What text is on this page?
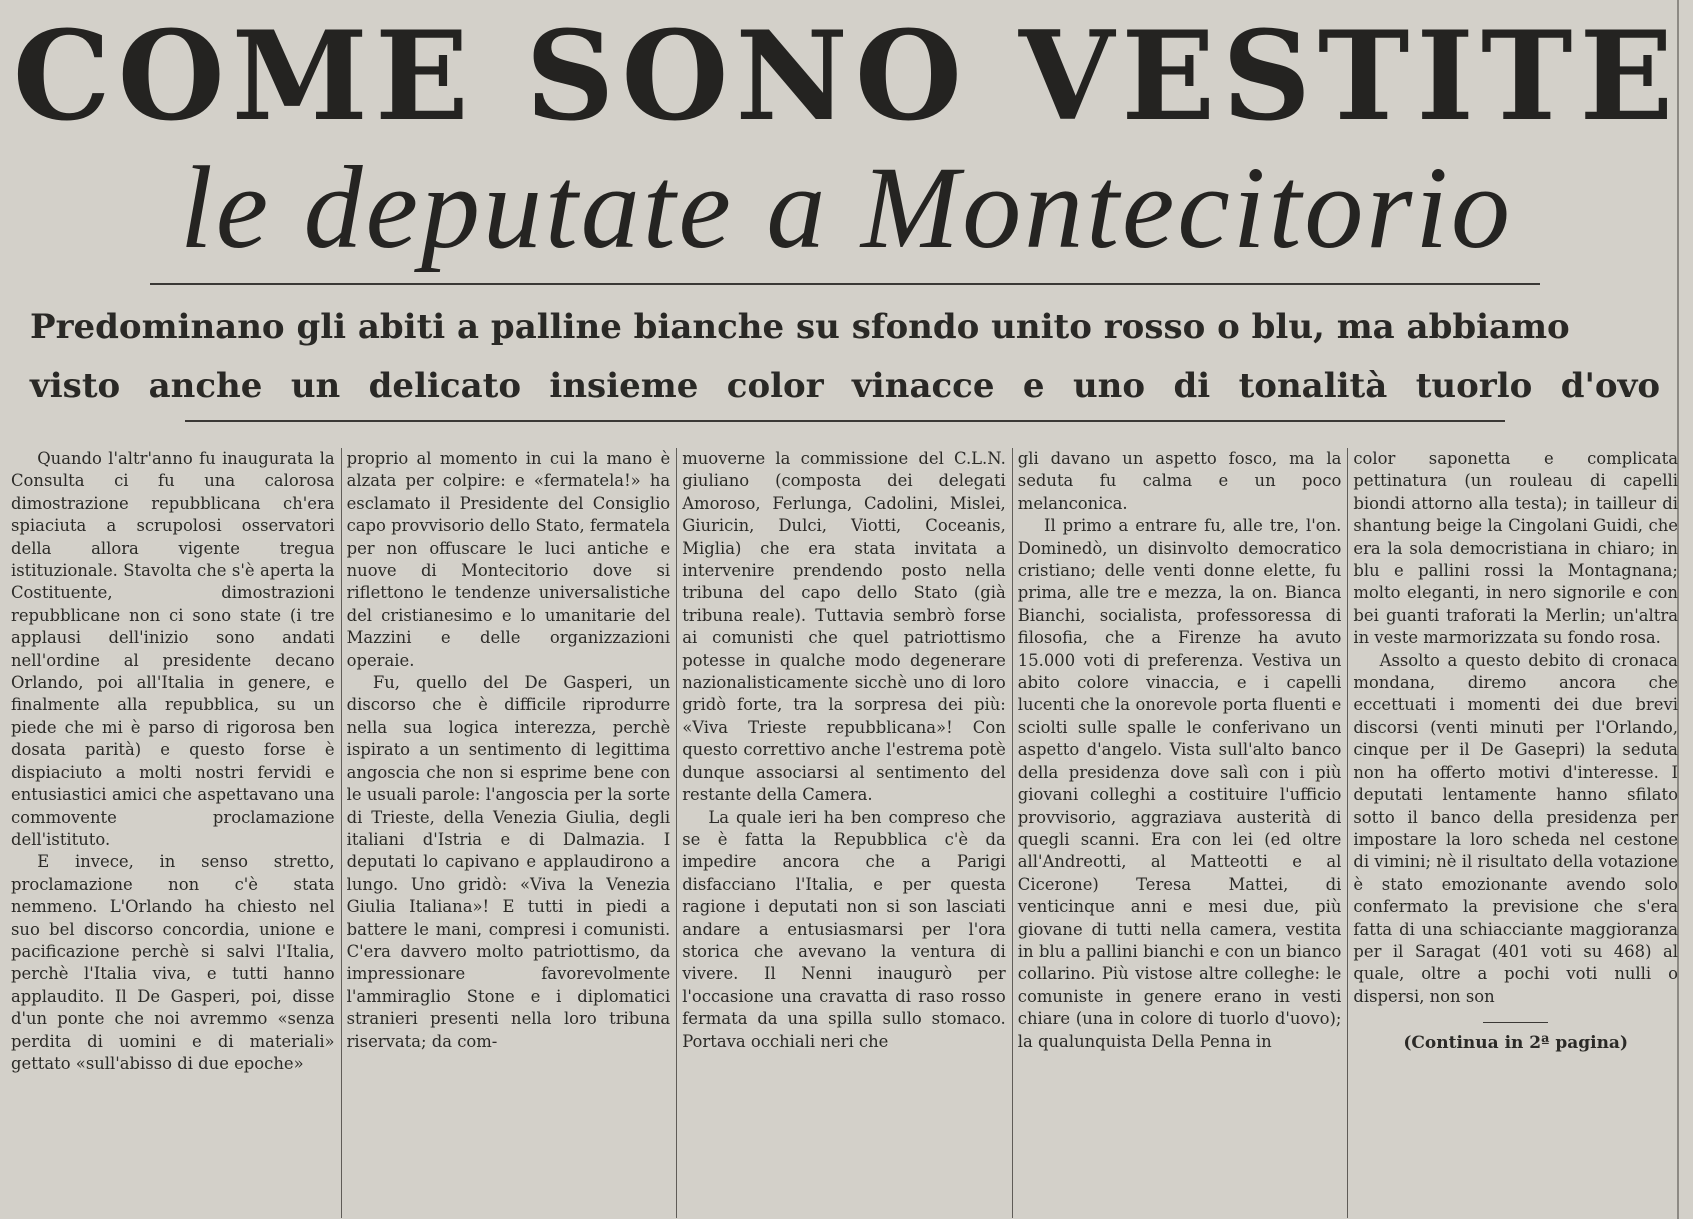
COME SONO VESTITE
le deputate a Montecitorio
Predominano gli abiti a palline bianche su sfondo unito rosso o blu, ma abbiamo
visto anche un delicato insieme color vinacce e uno di tonalità tuorlo d'ovo

Quando l'altr'anno fu inaugurata la Consulta ci fu una calorosa dimostrazione repubblicana ch'era spiaciuta a scrupolosi osservatori della allora vigente tregua istituzionale. Stavolta che s'è aperta la Costituente, dimostrazioni repubblicane non ci sono state (i tre applausi dell'inizio sono andati nell'ordine al presidente decano Orlando, poi all'Italia in genere, e finalmente alla repubblica, su un piede che mi è parso di rigorosa ben dosata parità) e questo forse è dispiaciuto a molti nostri fervidi e entusiastici amici che aspettavano una commovente proclamazione dell'istituto.

E invece, in senso stretto, proclamazione non c'è stata nemmeno. L'Orlando ha chiesto nel suo bel discorso concordia, unione e pacificazione perchè si salvi l'Italia, perchè l'Italia viva, e tutti hanno applaudito. Il De Gasperi, poi, disse d'un ponte che noi avremmo «senza perdita di uomini e di materiali» gettato «sull'abisso di due epoche»

proprio al momento in cui la mano è alzata per colpire: e «fermatela!» ha esclamato il Presidente del Consiglio capo provvisorio dello Stato, fermatela per non offuscare le luci antiche e nuove di Montecitorio dove si riflettono le tendenze universalistiche del cristianesimo e lo umanitarie del Mazzini e delle organizzazioni operaie.

Fu, quello del De Gasperi, un discorso che è difficile riprodurre nella sua logica interezza, perchè ispirato a un sentimento di legittima angoscia che non si esprime bene con le usuali parole: l'angoscia per la sorte di Trieste, della Venezia Giulia, degli italiani d'Istria e di Dalmazia. I deputati lo capivano e applaudirono a lungo. Uno gridò: «Viva la Venezia Giulia Italiana»! E tutti in piedi a battere le mani, compresi i comunisti. C'era davvero molto patriottismo, da impressionare favorevolmente l'ammiraglio Stone e i diplomatici stranieri presenti nella loro tribuna riservata; da com-

muoverne la commissione del C.L.N. giuliano (composta dei delegati Amoroso, Ferlunga, Cadolini, Mislei, Giuricin, Dulci, Viotti, Coceanis, Miglia) che era stata invitata a intervenire prendendo posto nella tribuna del capo dello Stato (già tribuna reale). Tuttavia sembrò forse ai comunisti che quel patriottismo potesse in qualche modo degenerare nazionalisticamente sicchè uno di loro gridò forte, tra la sorpresa dei più: «Viva Trieste repubblicana»! Con questo correttivo anche l'estrema potè dunque associarsi al sentimento del restante della Camera.

La quale ieri ha ben compreso che se è fatta la Repubblica c'è da impedire ancora che a Parigi disfacciano l'Italia, e per questa ragione i deputati non si son lasciati andare a entusiasmarsi per l'ora storica che avevano la ventura di vivere. Il Nenni inaugurò per l'occasione una cravatta di raso rosso fermata da una spilla sullo stomaco. Portava occhiali neri che

gli davano un aspetto fosco, ma la seduta fu calma e un poco melanconica.

Il primo a entrare fu, alle tre, l'on. Dominedò, un disinvolto democratico cristiano; delle venti donne elette, fu prima, alle tre e mezza, la on. Bianca Bianchi, socialista, professoressa di filosofia, che a Firenze ha avuto 15.000 voti di preferenza. Vestiva un abito colore vinaccia, e i capelli lucenti che la onorevole porta fluenti e sciolti sulle spalle le conferivano un aspetto d'angelo. Vista sull'alto banco della presidenza dove salì con i più giovani colleghi a costituire l'ufficio provvisorio, aggraziava austerità di quegli scanni. Era con lei (ed oltre all'Andreotti, al Matteotti e al Cicerone) Teresa Mattei, di venticinque anni e mesi due, più giovane di tutti nella camera, vestita in blu a pallini bianchi e con un bianco collarino. Più vistose altre colleghe: le comuniste in genere erano in vesti chiare (una in colore di tuorlo d'uovo); la qualunquista Della Penna in

color saponetta e complicata pettinatura (un rouleau di capelli biondi attorno alla testa); in tailleur di shantung beige la Cingolani Guidi, che era la sola democristiana in chiaro; in blu e pallini rossi la Montagnana; molto eleganti, in nero signorile e con bei guanti traforati la Merlin; un'altra in veste marmorizzata su fondo rosa.

Assolto a questo debito di cronaca mondana, diremo ancora che eccettuati i momenti dei due brevi discorsi (venti minuti per l'Orlando, cinque per il De Gasepri) la seduta non ha offerto motivi d'interesse. I deputati lentamente hanno sfilato sotto il banco della presidenza per impostare la loro scheda nel cestone di vimini; nè il risultato della votazione è stato emozionante avendo solo confermato la previsione che s'era fatta di una schiacciante maggioranza per il Saragat (401 voti su 468) al quale, oltre a pochi voti nulli o dispersi, non son

(Continua in 2ª pagina)
